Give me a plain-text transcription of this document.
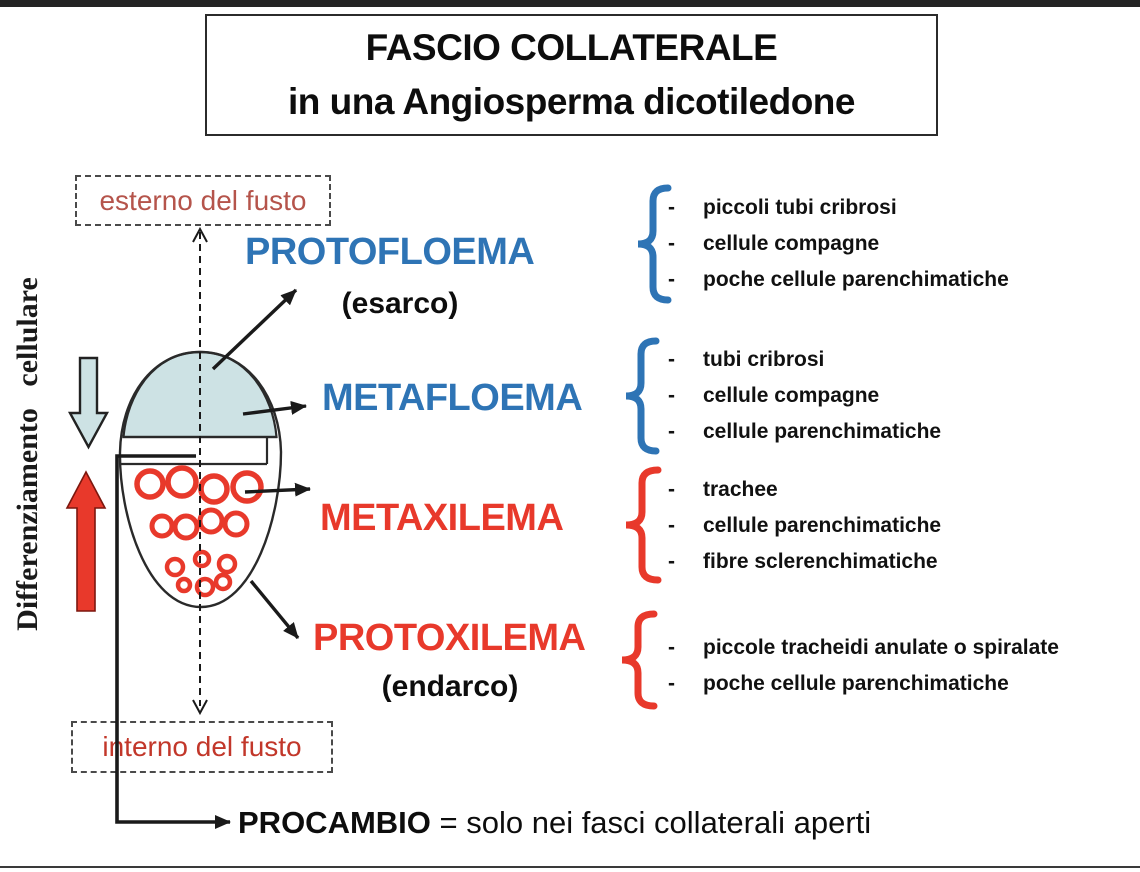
FASCIO COLLATERALE
in una Angiosperma dicotiledone
Differenziamento cellulare
esterno del fusto
interno del fusto
PROTOFLOEMA
(esarco)
METAFLOEMA
METAXILEMA
PROTOXILEMA
(endarco)
-	piccoli tubi cribrosi
-	cellule compagne
-	poche cellule parenchimatiche
-	tubi cribrosi
-	cellule compagne
-	cellule parenchimatiche
-	trachee
-	cellule parenchimatiche
-	fibre sclerenchimatiche
-	piccole tracheidi anulate o spiralate
-	poche cellule parenchimatiche
PROCAMBIO = solo nei fasci collaterali aperti
